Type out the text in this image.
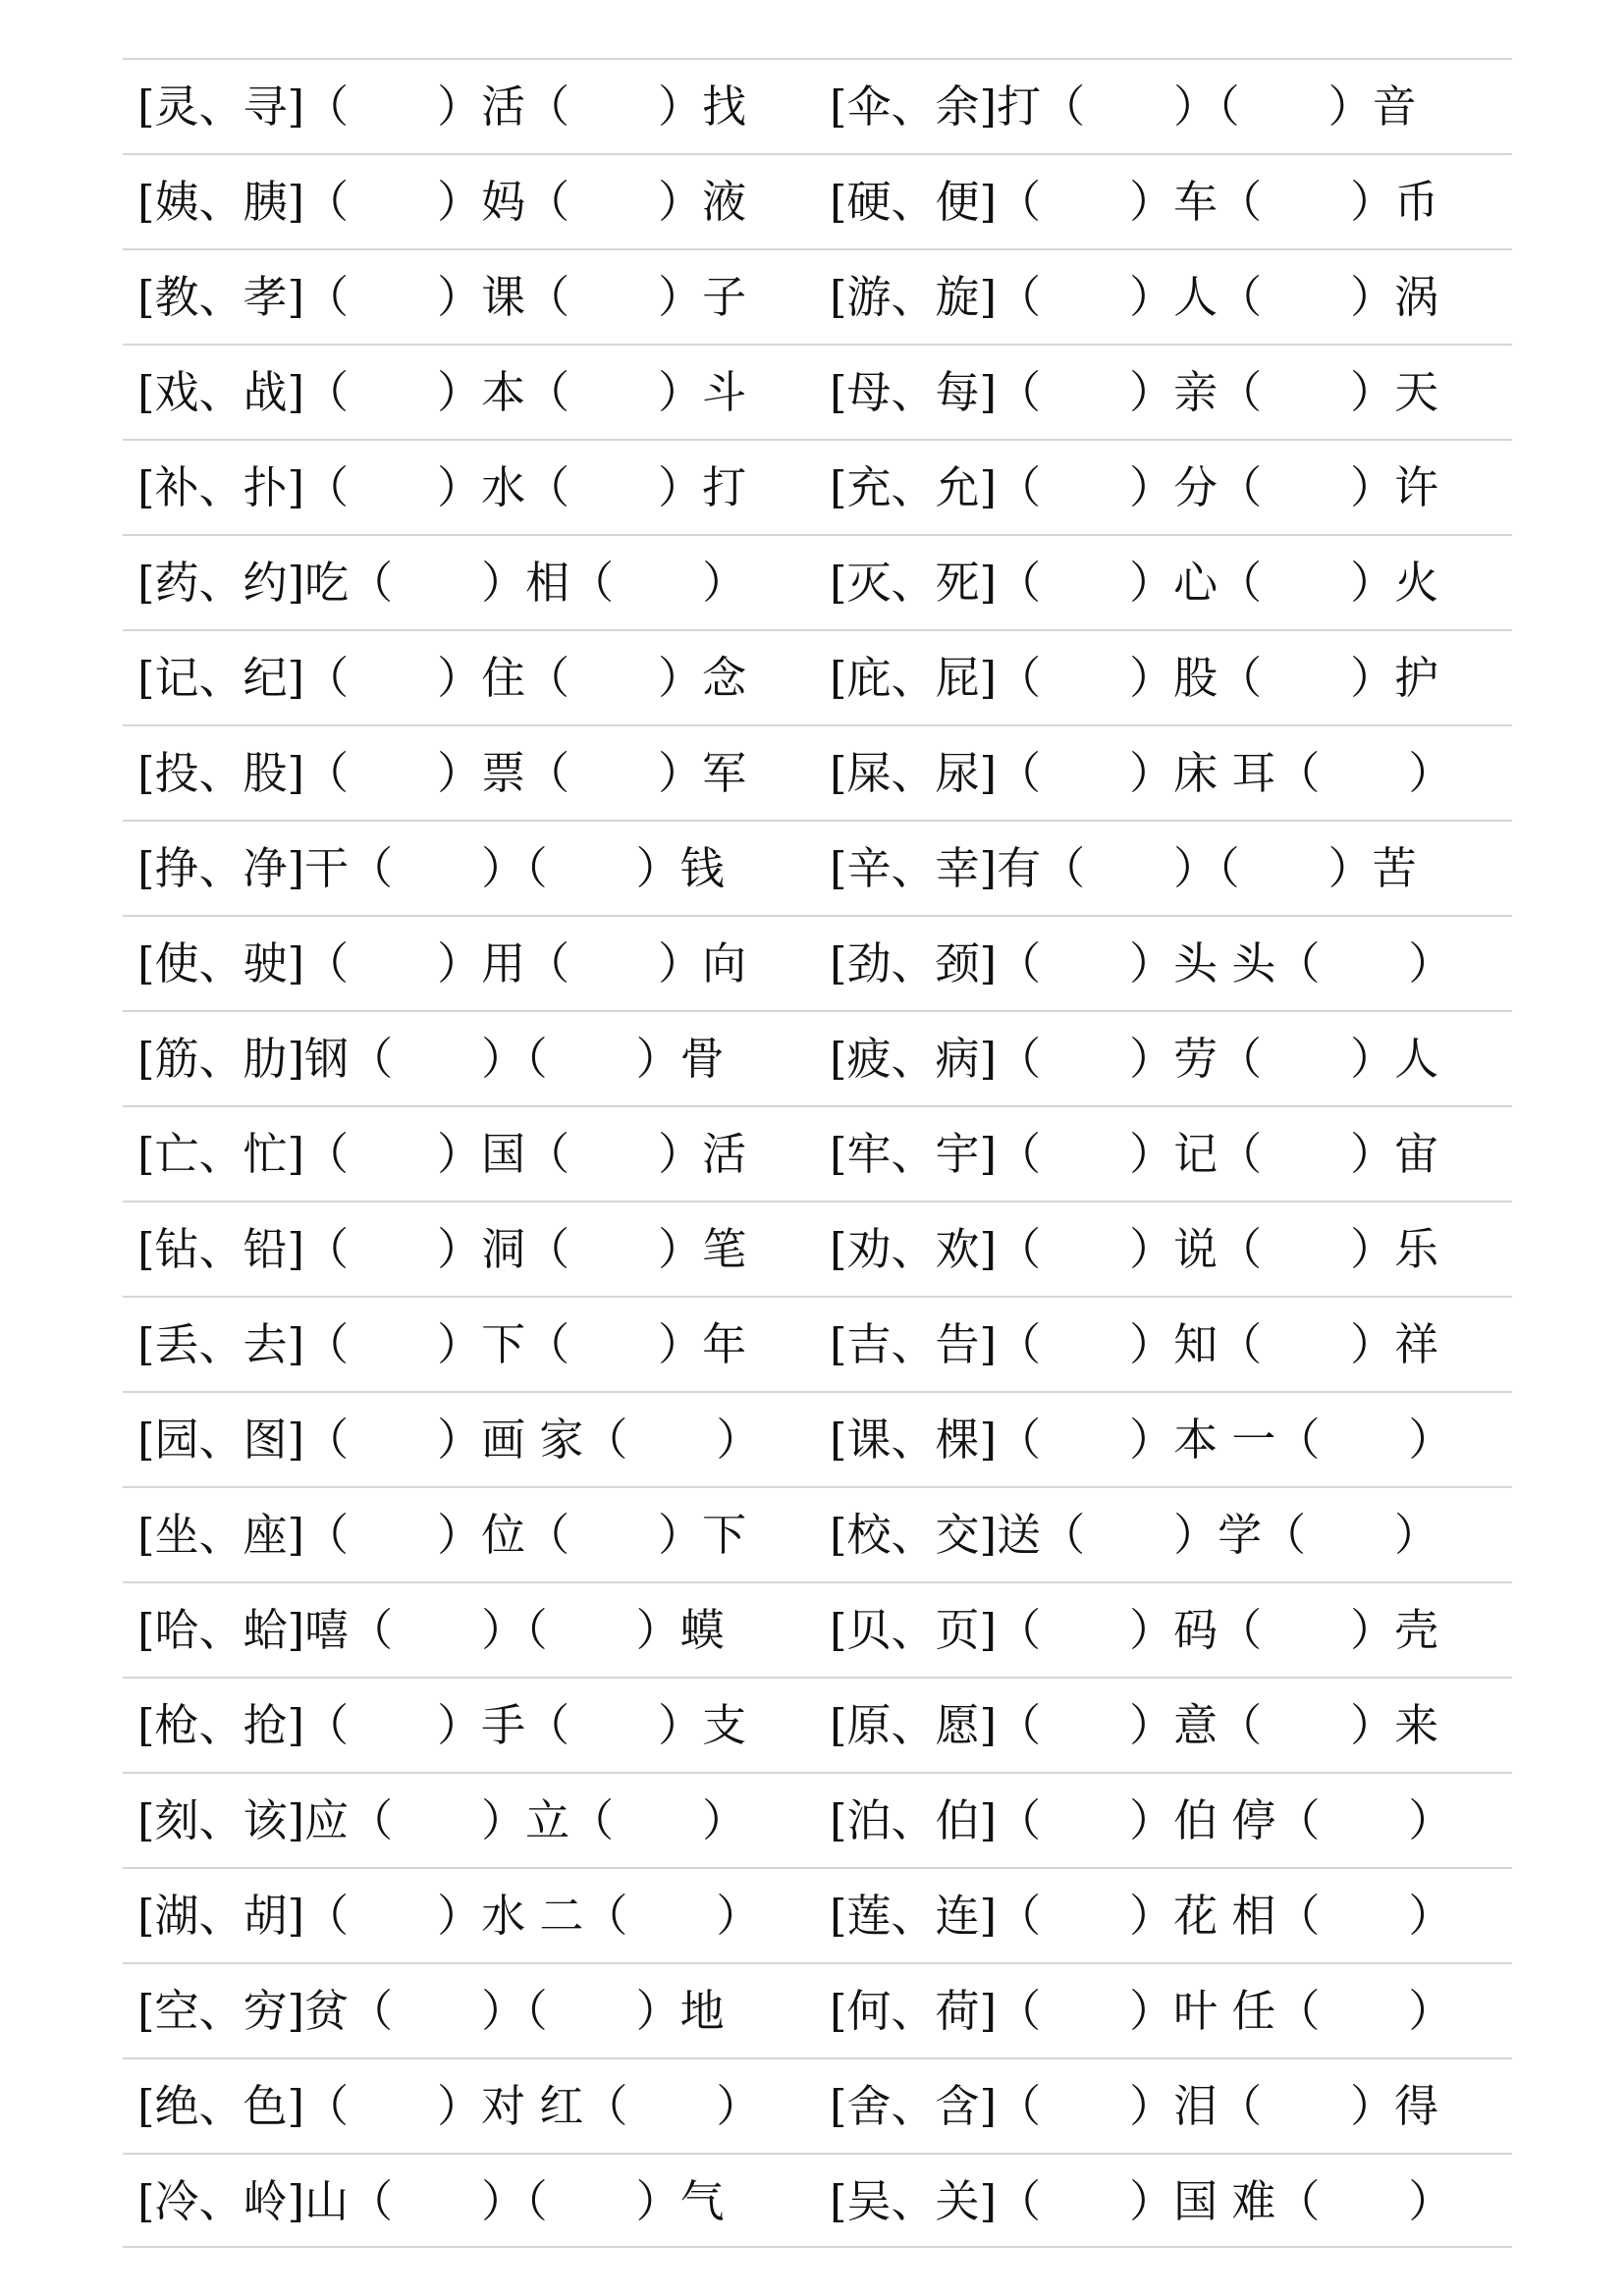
[灵、寻]（　　）活（　　）找 [伞、余]打（　　）（　　）音
[姨、胰]（　　）妈（　　）液 [硬、便]（　　）车（　　）币
[教、孝]（　　）课（　　）子 [游、旋]（　　）人（　　）涡
[戏、战]（　　）本（　　）斗 [母、每]（　　）亲（　　）天
[补、扑]（　　）水（　　）打 [充、允]（　　）分（　　）许
[药、约]吃（　　）相（　　） [灭、死]（　　）心（　　）火
[记、纪]（　　）住（　　）念 [庇、屁]（　　）股（　　）护
[投、股]（　　）票（　　）军 [屎、尿]（　　）床 耳（　　）
[挣、净]干（　　）（　　）钱 [辛、幸]有（　　）（　　）苦
[使、驶]（　　）用（　　）向 [劲、颈]（　　）头 头（　　）
[筋、肋]钢（　　）（　　）骨 [疲、病]（　　）劳（　　）人
[亡、忙]（　　）国（　　）活 [牢、宇]（　　）记（　　）宙
[钻、铅]（　　）洞（　　）笔 [劝、欢]（　　）说（　　）乐
[丢、去]（　　）下（　　）年 [吉、告]（　　）知（　　）祥
[园、图]（　　）画 家（　　） [课、棵]（　　）本 一（　　）
[坐、座]（　　）位（　　）下 [校、交]送（　　）学（　　）
[哈、蛤]嘻（　　）（　　）蟆 [贝、页]（　　）码（　　）壳
[枪、抢]（　　）手（　　）支 [原、愿]（　　）意（　　）来
[刻、该]应（　　）立（　　） [泊、伯]（　　）伯 停（　　）
[湖、胡]（　　）水 二（　　） [莲、连]（　　）花 相（　　）
[空、穷]贫（　　）（　　）地 [何、荷]（　　）叶 任（　　）
[绝、色]（　　）对 红（　　） [舍、含]（　　）泪（　　）得
[冷、岭]山（　　）（　　）气 [吴、关]（　　）国 难（　　）
